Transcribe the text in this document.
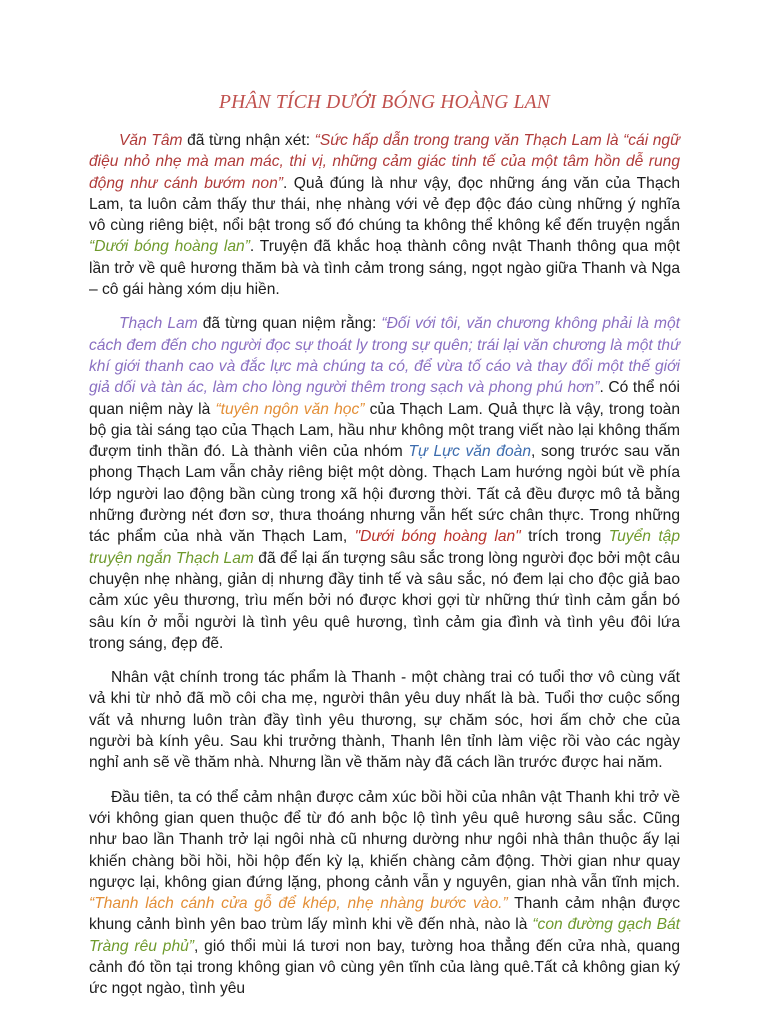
PHÂN TÍCH DƯỚI BÓNG HOÀNG LAN

Văn Tâm đã từng nhận xét: “Sức hấp dẫn trong trang văn Thạch Lam là “cái ngữ điệu nhỏ nhẹ mà man mác, thi vị, những cảm giác tinh tế của một tâm hồn dễ rung động như cánh bướm non”. Quả đúng là như vậy, đọc những áng văn của Thạch Lam, ta luôn cảm thấy thư thái, nhẹ nhàng với vẻ đẹp độc đáo cùng những ý nghĩa vô cùng riêng biệt, nổi bật trong số đó chúng ta không thể không kể đến truyện ngắn “Dưới bóng hoàng lan”. Truyện đã khắc hoạ thành công nvật Thanh thông qua một lần trở về quê hương thăm bà và tình cảm trong sáng, ngọt ngào giữa Thanh và Nga – cô gái hàng xóm dịu hiền.

Thạch Lam đã từng quan niệm rằng: “Đối với tôi, văn chương không phải là một cách đem đến cho người đọc sự thoát ly trong sự quên; trái lại văn chương là một thứ khí giới thanh cao và đắc lực mà chúng ta có, để vừa tố cáo và thay đổi một thế giới giả dối và tàn ác, làm cho lòng người thêm trong sạch và phong phú hơn”. Có thể nói quan niệm này là “tuyên ngôn văn học” của Thạch Lam. Quả thực là vậy, trong toàn bộ gia tài sáng tạo của Thạch Lam, hầu như không một trang viết nào lại không thấm đượm tinh thần đó. Là thành viên của nhóm Tự Lực văn đoàn, song trước sau văn phong Thạch Lam vẫn chảy riêng biệt một dòng. Thạch Lam hướng ngòi bút về phía lớp người lao động bần cùng trong xã hội đương thời. Tất cả đều được mô tả bằng những đường nét đơn sơ, thưa thoáng nhưng vẫn hết sức chân thực. Trong những tác phẩm của nhà văn Thạch Lam, "Dưới bóng hoàng lan" trích trong Tuyển tập truyện ngắn Thạch Lam đã để lại ấn tượng sâu sắc trong lòng người đọc bởi một câu chuyện nhẹ nhàng, giản dị nhưng đầy tinh tế và sâu sắc, nó đem lại cho độc giả bao cảm xúc yêu thương, trìu mến bởi nó được khơi gợi từ những thứ tình cảm gắn bó sâu kín ở mỗi người là tình yêu quê hương, tình cảm gia đình và tình yêu đôi lứa trong sáng, đẹp đẽ.

Nhân vật chính trong tác phẩm là Thanh - một chàng trai có tuổi thơ vô cùng vất vả khi từ nhỏ đã mồ côi cha mẹ, người thân yêu duy nhất là bà. Tuổi thơ cuộc sống vất vả nhưng luôn tràn đầy tình yêu thương, sự chăm sóc, hơi ấm chở che của người bà kính yêu. Sau khi trưởng thành, Thanh lên tỉnh làm việc rồi vào các ngày nghỉ anh sẽ về thăm nhà. Nhưng lần về thăm này đã cách lần trước được hai năm.

Đầu tiên, ta có thể cảm nhận được cảm xúc bồi hồi của nhân vật Thanh khi trở về với không gian quen thuộc để từ đó anh bộc lộ tình yêu quê hương sâu sắc. Cũng như bao lần Thanh trở lại ngôi nhà cũ nhưng dường như ngôi nhà thân thuộc ấy lại khiến chàng bồi hồi, hồi hộp đến kỳ lạ, khiến chàng cảm động. Thời gian như quay ngược lại, không gian đứng lặng, phong cảnh vẫn y nguyên, gian nhà vẫn tĩnh mịch. “Thanh lách cánh cửa gỗ để khép, nhẹ nhàng bước vào.” Thanh cảm nhận được khung cảnh bình yên bao trùm lấy mình khi về đến nhà, nào là “con đường gạch Bát Tràng rêu phủ”, gió thổi mùi lá tươi non bay, tường hoa thẳng đến cửa nhà, quang cảnh đó tồn tại trong không gian vô cùng yên tĩnh của làng quê.Tất cả không gian ký ức ngọt ngào, tình yêu
